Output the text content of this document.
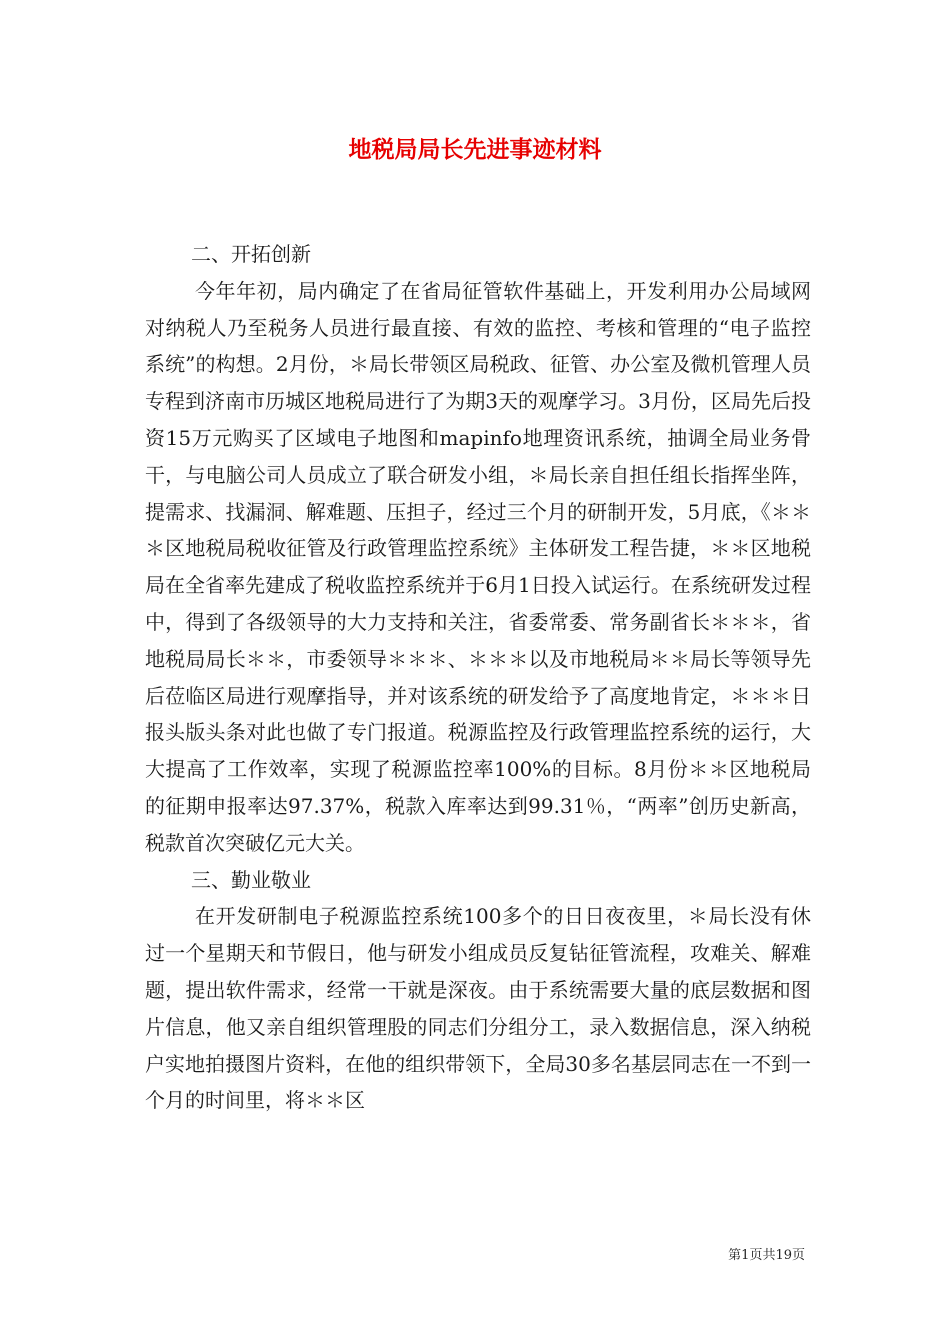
地税局局长先进事迹材料

二、开拓创新

今年年初，局内确定了在省局征管软件基础上，开发利用办公局域网对纳税人乃至税务人员进行最直接、有效的监控、考核和管理的“电子监控系统”的构想。2月份，＊局长带领区局税政、征管、办公室及微机管理人员专程到济南市历城区地税局进行了为期3天的观摩学习。3月份，区局先后投资15万元购买了区域电子地图和mapinfo地理资讯系统，抽调全局业务骨干，与电脑公司人员成立了联合研发小组，＊局长亲自担任组长指挥坐阵，提需求、找漏洞、解难题、压担子，经过三个月的研制开发，5月底，《＊＊＊区地税局税收征管及行政管理监控系统》主体研发工程告捷，＊＊区地税局在全省率先建成了税收监控系统并于6月1日投入试运行。在系统研发过程中，得到了各级领导的大力支持和关注，省委常委、常务副省长＊＊＊，省地税局局长＊＊，市委领导＊＊＊、＊＊＊以及市地税局＊＊局长等领导先后莅临区局进行观摩指导，并对该系统的研发给予了高度地肯定，＊＊＊日报头版头条对此也做了专门报道。税源监控及行政管理监控系统的运行，大大提高了工作效率，实现了税源监控率100%的目标。8月份＊＊区地税局的征期申报率达97.37%，税款入库率达到99.31％，“两率”创历史新高，税款首次突破亿元大关。

三、勤业敬业

在开发研制电子税源监控系统100多个的日日夜夜里，＊局长没有休过一个星期天和节假日，他与研发小组成员反复钻征管流程，攻难关、解难题，提出软件需求，经常一干就是深夜。由于系统需要大量的底层数据和图片信息，他又亲自组织管理股的同志们分组分工，录入数据信息，深入纳税户实地拍摄图片资料，在他的组织带领下，全局30多名基层同志在一不到一个月的时间里，将＊＊区

第1页共19页
